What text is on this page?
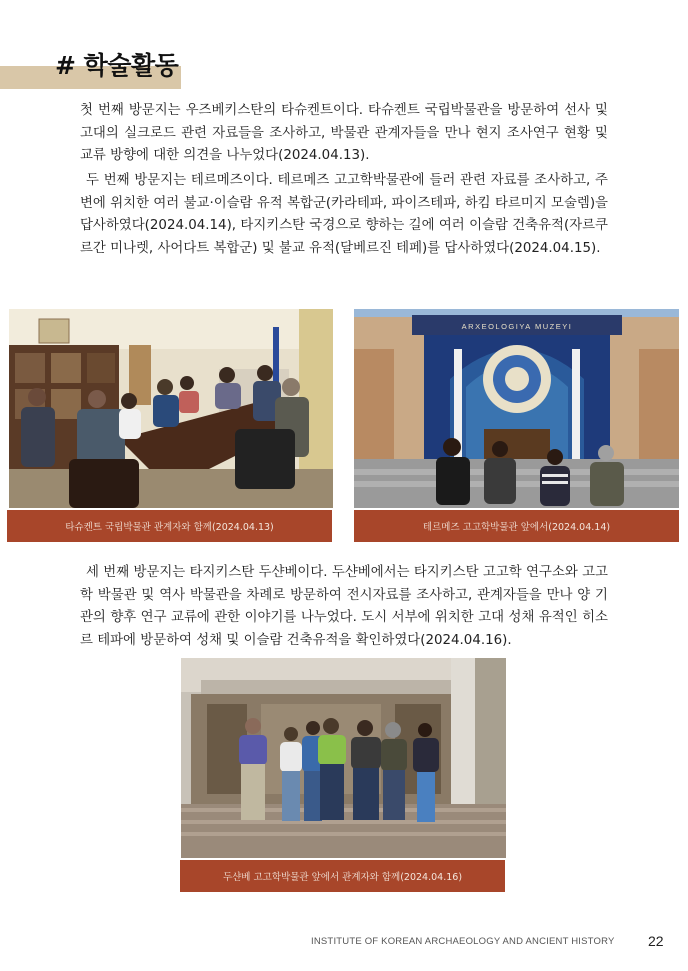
# 학술활동

첫 번째 방문지는 우즈베키스탄의 타슈켄트이다. 타슈켄트 국립박물관을 방문하여 선사 및 고대의 실크로드 관련 자료들을 조사하고, 박물관 관계자들을 만나 현지 조사연구 현황 및 교류 방향에 대한 의견을 나누었다(2024.04.13).

두 번째 방문지는 테르메즈이다. 테르메즈 고고학박물관에 들러 관련 자료를 조사하고, 주변에 위치한 여러 불교·이슬람 유적 복합군(카라테파, 파이즈테파, 하킴 타르미지 모술렘)을 답사하였다(2024.04.14), 타지키스탄 국경으로 향하는 길에 여러 이슬람 건축유적(자르쿠르간 미나렛, 사어다트 복합군) 및 불교 유적(달베르진 테페)를 답사하였다(2024.04.15).

타슈켄트 국립박물관 관계자와 함께(2024.04.13)
ARXEOLOGIYA MUZEYI
테르메즈 고고학박물관 앞에서(2024.04.14)

세 번째 방문지는 타지키스탄 두샨베이다. 두샨베에서는 타지키스탄 고고학 연구소와 고고학 박물관 및 역사 박물관을 차례로 방문하여 전시자료를 조사하고, 관계자들을 만나 양 기관의 향후 연구 교류에 관한 이야기를 나누었다. 도시 서부에 위치한 고대 성채 유적인 히소르 테파에 방문하여 성채 및 이슬람 건축유적을 확인하였다(2024.04.16).

두샨베 고고학박물관 앞에서 관계자와 함께(2024.04.16)
INSTITUTE OF KOREAN ARCHAEOLOGY AND ANCIENT HISTORY 22
